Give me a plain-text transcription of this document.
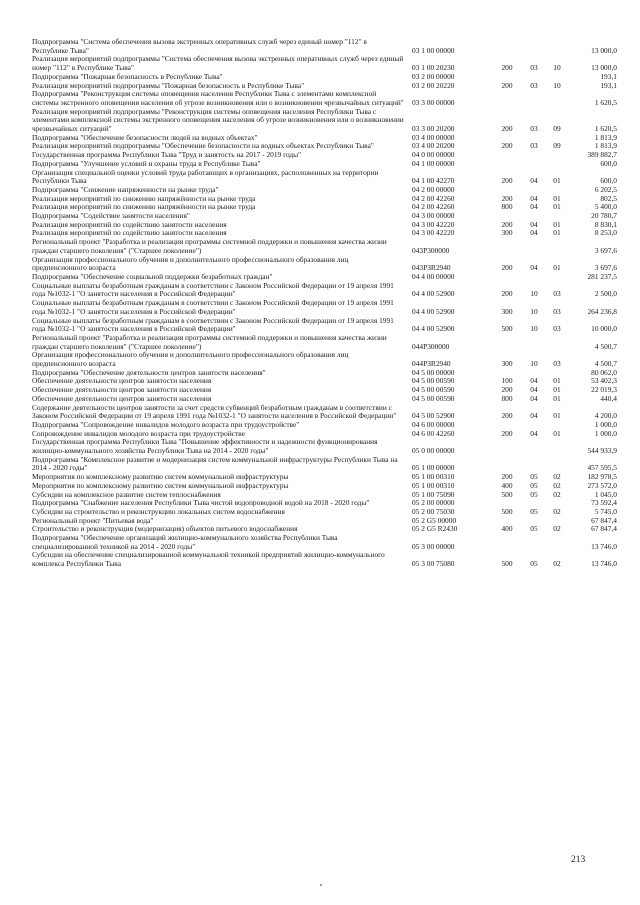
Подпрограмма "Система обеспечения вызова экстренных оперативных служб через единый номер "112" в Республике Тыва"	03 1 00 00000				13 000,0
Реализация мероприятий подпрограммы "Система обеспечения вызова экстренных оперативных служб через единый номер "112" в Республике Тыва"	03 1 00 20230	200	03	10	13 000,0
Подпрограмма "Пожарная безопасность в Республике Тыва"	03 2 00 00000				193,1
Реализация мероприятий подпрограммы "Пожарная безопасность в Республике Тыва"	03 2 00 20220	200	03	10	193,1
Подпрограмма "Реконструкция системы оповещения населения Республики Тыва с элементами комплексной системы экстренного оповещения населения об угрозе возникновения или о возникновении чрезвычайных ситуаций"	03 3 00 00000				1 620,5
Реализация мероприятий подпрограммы "Реконструкция системы оповещения населения Республики Тыва с элементами комплексной системы экстренного оповещения населения об угрозе возникновения или о возникновении чрезвычайных ситуаций"	03 3 00 20200	200	03	09	1 620,5
Подпрограмма "Обеспечение безопасности людей на водных объектах"	03 4 00 00000				1 813,9
Реализация мероприятий подпрограммы "Обеспечение безопасности на водных объектах Республики Тыва"	03 4 00 20200	200	03	09	1 813,9
Государственная программа Республики Тыва "Труд и занятость на 2017 - 2019 годы"	04 0 00 00000				389 882,7
Подпрограмма "Улучшение условий и охраны труда в Республике Тыва"	04 1 00 00000				600,0
Организация специальной оценки условий труда работающих в организациях, расположенных на территории Республики Тыва	04 1 00 42270	200	04	01	600,0
Подпрограмма "Снижение напряженности на рынке труда"	04 2 00 00000				6 202,5
Реализация мероприятий по снижению напряжённости на рынке труда	04 2 00 42260	200	04	01	802,5
Реализация мероприятий по снижению напряжённости на рынке труда	04 2 00 42260	800	04	01	5 400,0
Подпрограмма "Содействие занятости населения"	04 3 00 00000				20 780,7
Реализация мероприятий по содействию занятости населения	04 3 00 42220	200	04	01	8 830,1
Реализация мероприятий по содействию занятости населения	04 3 00 42220	300	04	01	8 253,0
Региональный проект "Разработка и реализация программы системной поддержки и повышения качества жизни граждан старшего поколения" ("Старшее поколение")	043P300000				3 697,6
Организация профессионального обучения и дополнительного профессионального образования лиц предпенсионного возраста	043P3R2940	200	04	01	3 697,6
Подпрограмма "Обеспечение социальной поддержки безработных граждан"	04 4 00 00000				281 237,5
Социальные выплаты безработным гражданам в соответствии с Законом Российской Федерации от 19 апреля 1991 года №1032-1 "О занятости населения в Российской Федерации"	04 4 00 52900	200	10	03	2 500,0
Социальные выплаты безработным гражданам в соответствии с Законом Российской Федерации от 19 апреля 1991 года №1032-1 "О занятости населения в Российской Федерации"	04 4 00 52900	300	10	03	264 236,8
Социальные выплаты безработным гражданам в соответствии с Законом Российской Федерации от 19 апреля 1991 года №1032-1 "О занятости населения в Российской Федерации"	04 4 00 52900	500	10	03	10 000,0
Региональный проект "Разработка и реализация программы системной поддержки и повышения качества жизни граждан старшего поколения" ("Старшее поколение")	044P300000				4 500,7
Организация профессионального обучения и дополнительного профессионального образования лиц предпенсионного возраста	044P3R2940	300	10	03	4 500,7
Подпрограмма "Обеспечение деятельности центров занятости населения"	04 5 00 00000				80 062,0
Обеспечение деятельности центров занятости населения	04 5 00 00590	100	04	01	53 402,3
Обеспечение деятельности центров занятости населения	04 5 00 00590	200	04	01	22 019,3
Обеспечение деятельности центров занятости населения	04 5 00 00590	800	04	01	440,4
Содержание деятельности центров занятости за счет средств субвенций безработным гражданам в соответствии с Законом Российской Федерации от 19 апреля 1991 года №1032-1 "О занятости населения в Российской Федерации"	04 5 00 52900	200	04	01	4 200,0
Подпрограмма "Сопровождение инвалидов молодого возраста при трудоустройстве"	04 6 00 00000				1 000,0
Сопровождение инвалидов молодого возраста при трудоустройстве	04 6 00 42260	200	04	01	1 000,0
Государственная программа Республики Тыва "Повышение эффективности и надежности функционирования жилищно-коммунального хозяйства Республики Тыва на 2014 - 2020 годы"	05 0 00 00000				544 933,9
Подпрограмма "Комплексное развитие и модернизация систем коммунальной инфраструктуры Республики Тыва на 2014 - 2020 годы"	05 1 00 00000				457 595,5
Мероприятия по комплексному развитию систем коммунальной инфраструктуры	05 1 00 00310	200	05	02	182 978,5
Мероприятия по комплексному развитию систем коммунальной инфраструктуры	05 1 00 00310	400	05	02	273 572,0
Субсидии на комплексное развитие систем теплоснабжения	05 1 00 75090	500	05	02	1 045,0
Подпрограмма "Снабжение населения Республики Тыва чистой водопроводной водой на 2018 - 2020 годы"	05 2 00 00000				73 592,4
Субсидии на строительство и реконструкцию локальных систем водоснабжения	05 2 00 75030	500	05	02	5 745,0
Региональный проект "Питьевая вода"	05 2 G5 00000				67 847,4
Строительство и реконструкция (модернизация) объектов питьевого водоснабжения	05 2 G5 R2430	400	05	02	67 847,4
Подпрограмма "Обеспечение организаций жилищно-коммунального хозяйства Республики Тыва специализированной техникой на 2014 - 2020 годы"	05 3 00 00000				13 746,0
Субсидии на обеспечение специализированной коммунальной техникой предприятий жилищно-коммунального комплекса Республики Тыва	05 3 00 75080	500	05	02	13 746,0
213
